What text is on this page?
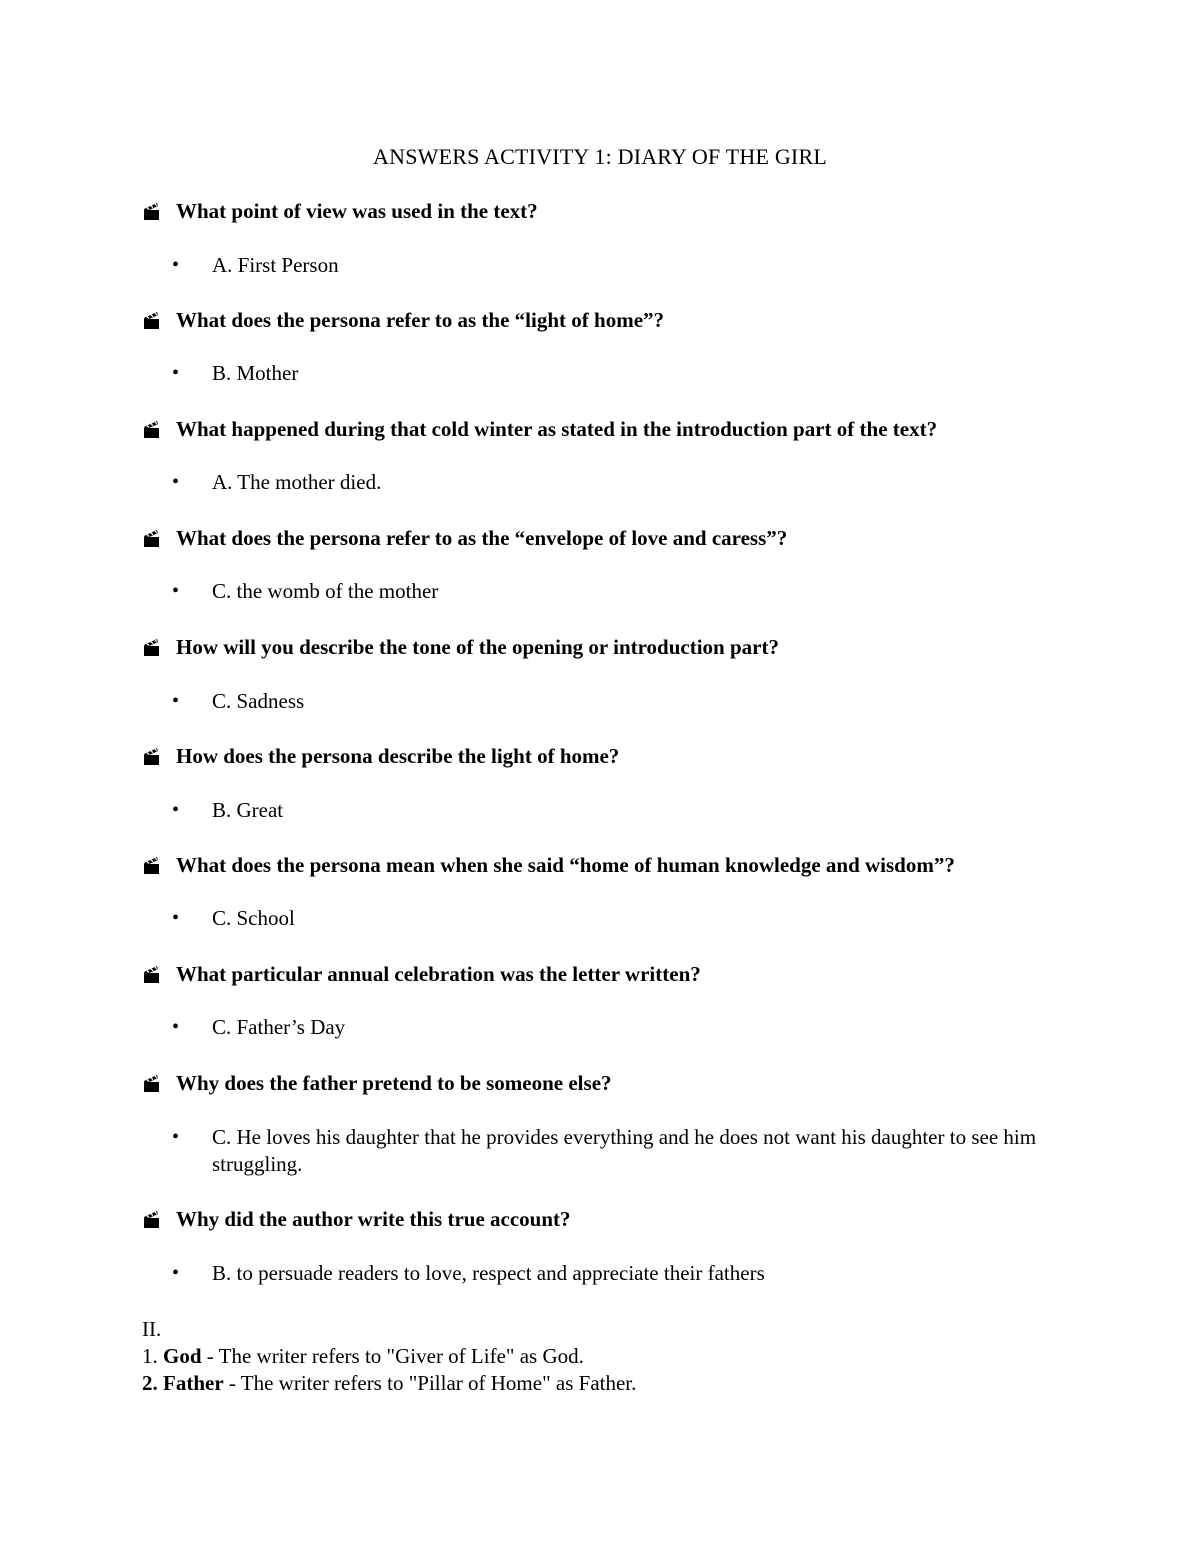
ANSWERS ACTIVITY 1: DIARY OF THE GIRL
What point of view was used in the text?
• A. First Person
What does the persona refer to as the “light of home”?
• B. Mother
What happened during that cold winter as stated in the introduction part of the text?
• A. The mother died.
What does the persona refer to as the “envelope of love and caress”?
• C. the womb of the mother
How will you describe the tone of the opening or introduction part?
• C. Sadness
How does the persona describe the light of home?
• B. Great
What does the persona mean when she said “home of human knowledge and wisdom”?
• C. School
What particular annual celebration was the letter written?
• C. Father’s Day
Why does the father pretend to be someone else?
• C. He loves his daughter that he provides everything and he does not want his daughter to see him struggling.
Why did the author write this true account?
• B. to persuade readers to love, respect and appreciate their fathers
II.
1. God - The writer refers to "Giver of Life" as God.
2. Father - The writer refers to "Pillar of Home" as Father.
